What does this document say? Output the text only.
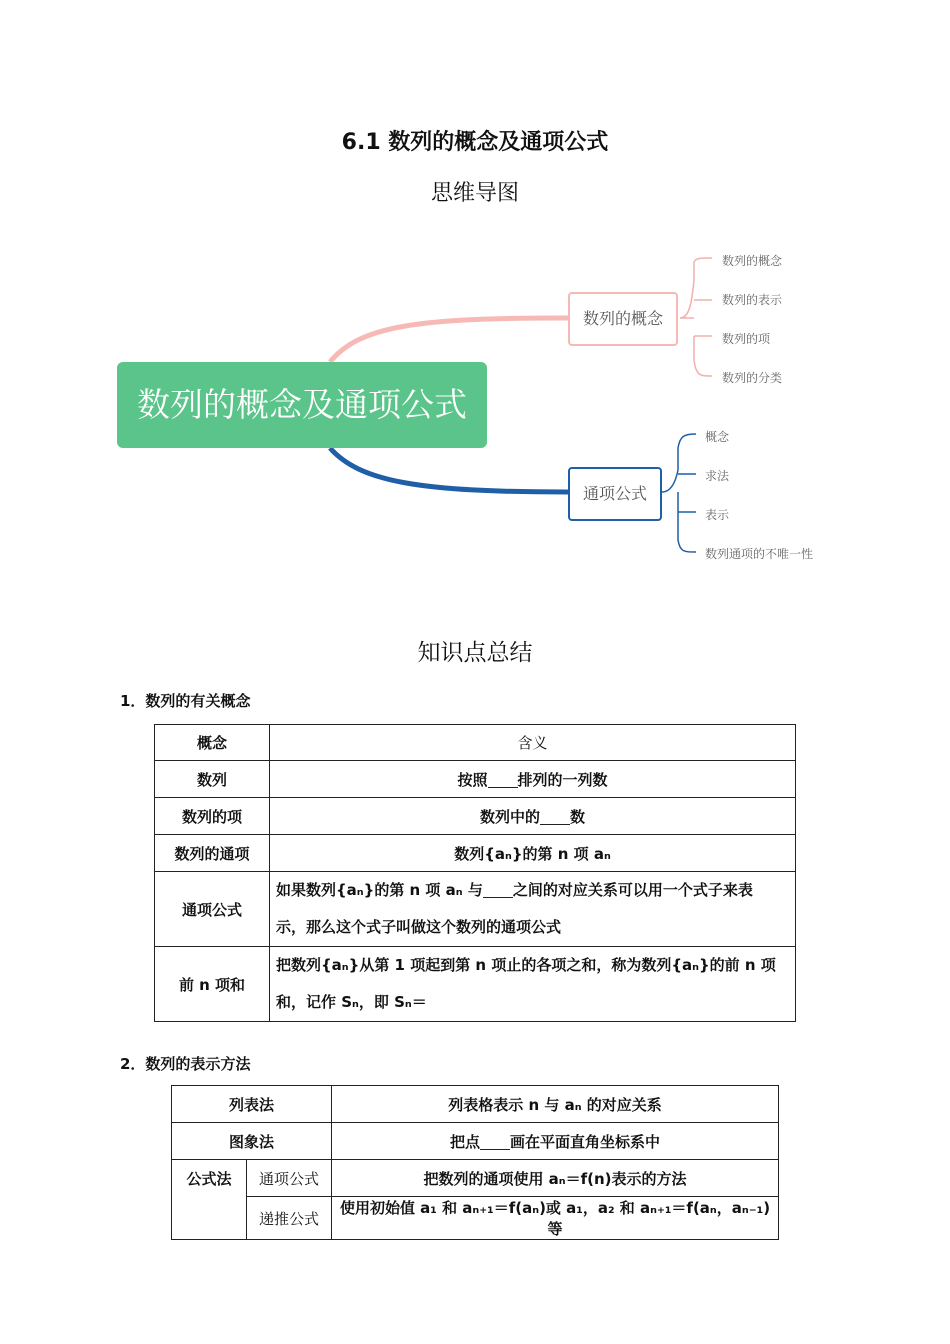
6.1 数列的概念及通项公式
思维导图
数列的概念及通项公式
数列的概念
通项公式
数列的概念
数列的表示
数列的项
数列的分类
概念
求法
表示
数列通项的不唯一性
知识点总结
1．数列的有关概念
概念	含义
数列	按照 排列的一列数
数列的项	数列中的 数
数列的通项	数列{aₙ}的第 n 项 aₙ
通项公式	如果数列{aₙ}的第 n 项 aₙ 与 之间的对应关系可以用一个式子来表
示，那么这个式子叫做这个数列的通项公式
前 n 项和	把数列{aₙ}从第 1 项起到第 n 项止的各项之和，称为数列{aₙ}的前 n 项
和，记作 Sₙ，即 Sₙ＝
2．数列的表示方法
列表法		列表格表示 n 与 aₙ 的对应关系
图象法		把点 画在平面直角坐标系中
公式法	通项公式	把数列的通项使用 aₙ＝f(n)表示的方法
	递推公式	使用初始值 a₁ 和 aₙ₊₁＝f(aₙ)或 a₁，a₂ 和 aₙ₊₁＝f(aₙ，aₙ₋₁)等
